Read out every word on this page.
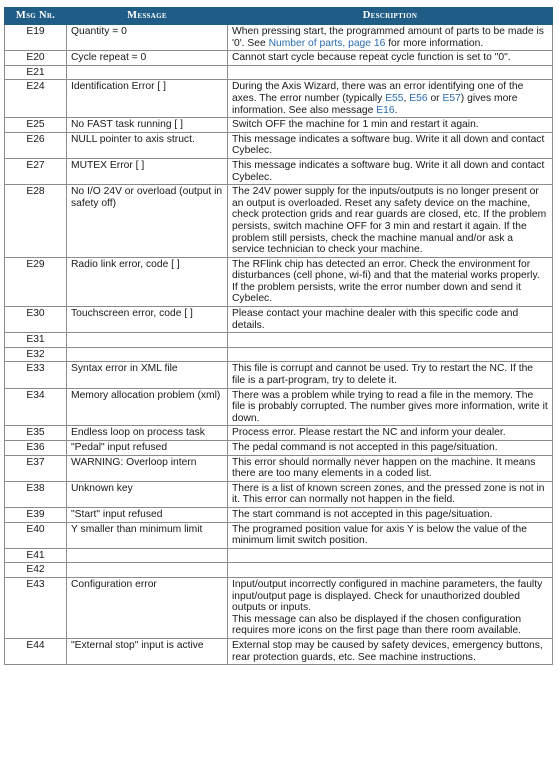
Msg Nr.	Message	Description
E19	Quantity = 0	When pressing start, the programmed amount of parts to be made is '0'. See Number of parts, page 16 for more information.
E20	Cycle repeat = 0	Cannot start cycle because repeat cycle function is set to "0".
E21		
E24	Identification Error [ ]	During the Axis Wizard, there was an error identifying one of the axes. The error number (typically E55, E56 or E57) gives more information. See also message E16.
E25	No FAST task running [ ]	Switch OFF the machine for 1 min and restart it again.
E26	NULL pointer to axis struct.	This message indicates a software bug. Write it all down and contact Cybelec.
E27	MUTEX Error [ ]	This message indicates a software bug. Write it all down and contact Cybelec.
E28	No I/O 24V or overload (output in safety off)	The 24V power supply for the inputs/outputs is no longer present or an output is overloaded. Reset any safety device on the machine, check protection grids and rear guards are closed, etc. If the problem persists, switch machine OFF for 3 min and restart it again. If the problem still persists, check the machine manual and/or ask a service technician to check your machine.
E29	Radio link error, code [ ]	The RFlink chip has detected an error. Check the environment for disturbances (cell phone, wi-fi) and that the material works properly. If the problem persists, write the error number down and send it Cybelec.
E30	Touchscreen error, code [ ]	Please contact your machine dealer with this specific code and details.
E31		
E32		
E33	Syntax error in XML file	This file is corrupt and cannot be used. Try to restart the NC. If the file is a part-program, try to delete it.
E34	Memory allocation problem (xml)	There was a problem while trying to read a file in the memory. The file is probably corrupted. The number gives more information, write it down.
E35	Endless loop on process task	Process error. Please restart the NC and inform your dealer.
E36	"Pedal" input refused	The pedal command is not accepted in this page/situation.
E37	WARNING: Overloop intern	This error should normally never happen on the machine. It means there are too many elements in a coded list.
E38	Unknown key	There is a list of known screen zones, and the pressed zone is not in it. This error can normally not happen in the field.
E39	"Start" input refused	The start command is not accepted in this page/situation.
E40	Y smaller than minimum limit	The programed position value for axis Y is below the value of the minimum limit switch position.
E41		
E42		
E43	Configuration error	Input/output incorrectly configured in machine parameters, the faulty input/output page is displayed. Check for unauthorized doubled outputs or inputs.
This message can also be displayed if the chosen configuration requires more icons on the first page than there room available.

E44	"External stop" input is active	External stop may be caused by safety devices, emergency buttons, rear protection guards, etc. See machine instructions.
